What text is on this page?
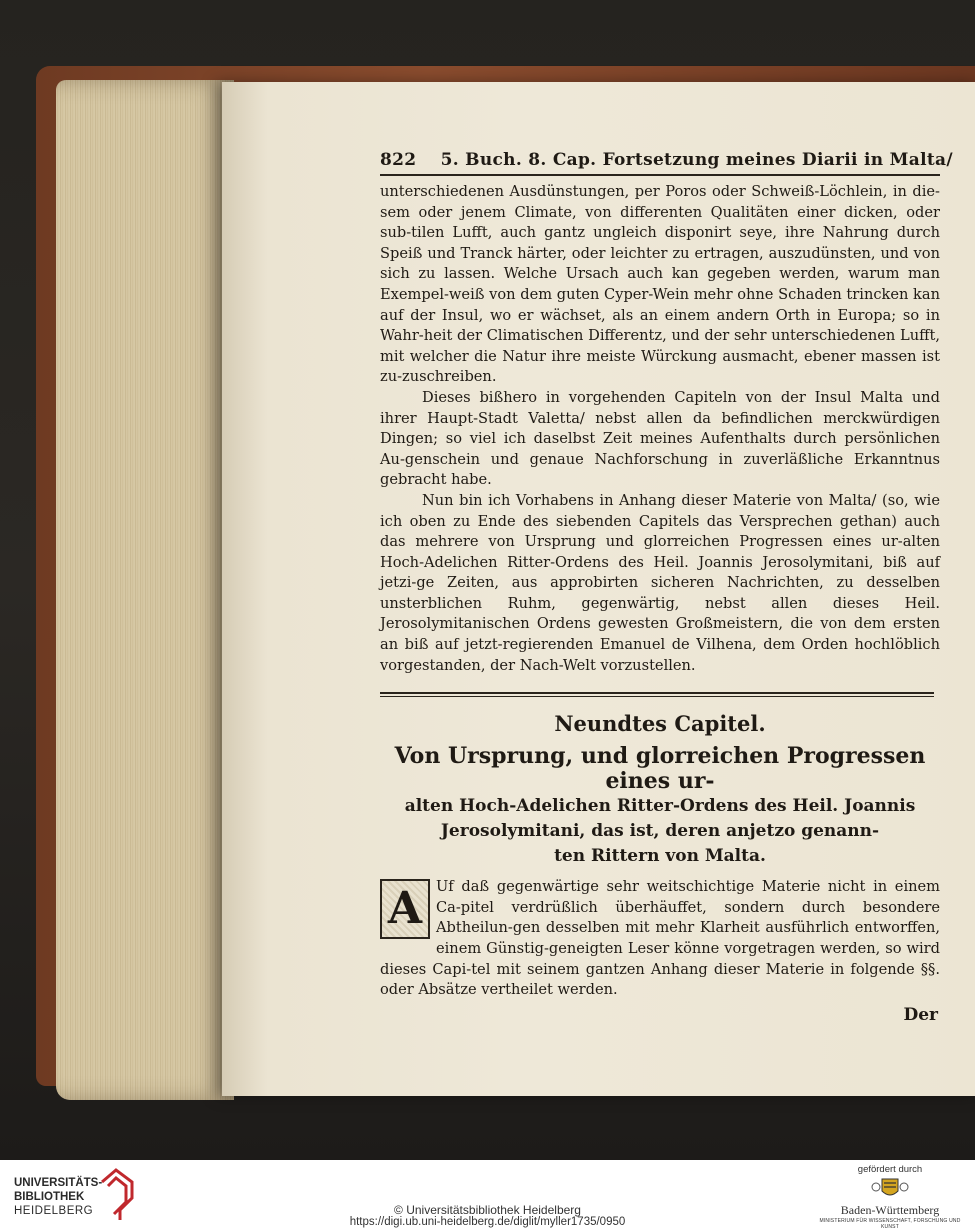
822 5. Buch. 8. Cap. Fortsetzung meines Diarii in Malta/

unterschiedenen Ausdünstungen, per Poros oder Schweiß-Löchlein, in die-sem oder jenem Climate, von differenten Qualitäten einer dicken, oder sub-tilen Lufft, auch gantz ungleich disponirt seye, ihre Nahrung durch Speiß und Tranck härter, oder leichter zu ertragen, auszudünsten, und von sich zu lassen. Welche Ursach auch kan gegeben werden, warum man Exempel-weiß von dem guten Cyper-Wein mehr ohne Schaden trincken kan auf der Insul, wo er wächset, als an einem andern Orth in Europa; so in Wahr-heit der Climatischen Differentz, und der sehr unterschiedenen Lufft, mit welcher die Natur ihre meiste Würckung ausmacht, ebener massen ist zu-zuschreiben.

Dieses bißhero in vorgehenden Capiteln von der Insul Malta und ihrer Haupt-Stadt Valetta/ nebst allen da befindlichen merckwürdigen Dingen; so viel ich daselbst Zeit meines Aufenthalts durch persönlichen Au-genschein und genaue Nachforschung in zuverläßliche Erkanntnus gebracht habe.

Nun bin ich Vorhabens in Anhang dieser Materie von Malta/ (so, wie ich oben zu Ende des siebenden Capitels das Versprechen gethan) auch das mehrere von Ursprung und glorreichen Progressen eines ur-alten Hoch-Adelichen Ritter-Ordens des Heil. Joannis Jerosolymitani, biß auf jetzi-ge Zeiten, aus approbirten sicheren Nachrichten, zu desselben unsterblichen Ruhm, gegenwärtig, nebst allen dieses Heil. Jerosolymitanischen Ordens gewesten Großmeistern, die von dem ersten an biß auf jetzt-regierenden Emanuel de Vilhena, dem Orden hochlöblich vorgestanden, der Nach-Welt vorzustellen.

Neundtes Capitel.
Von Ursprung, und glorreichen Progressen eines ur-
alten Hoch-Adelichen Ritter-Ordens des Heil. Joannis
Jerosolymitani, das ist, deren anjetzo genann-
ten Rittern von Malta.
A Uf daß gegenwärtige sehr weitschichtige Materie nicht in einem Ca-pitel verdrüßlich überhäuffet, sondern durch besondere Abtheilun-gen desselben mit mehr Klarheit ausführlich entworffen, einem Günstig-geneigten Leser könne vorgetragen werden, so wird dieses Capi-tel mit seinem gantzen Anhang dieser Materie in folgende §§. oder Absätze vertheilet werden.

Der
UNIVERSITÄTS-
BIBLIOTHEK
HEIDELBERG	© Universitätsbibliothek Heidelberg
https://digi.ub.uni-heidelberg.de/diglit/myller1735/0950
gefördert durch
Baden-Württemberg
MINISTERIUM FÜR WISSENSCHAFT, FORSCHUNG UND KUNST
